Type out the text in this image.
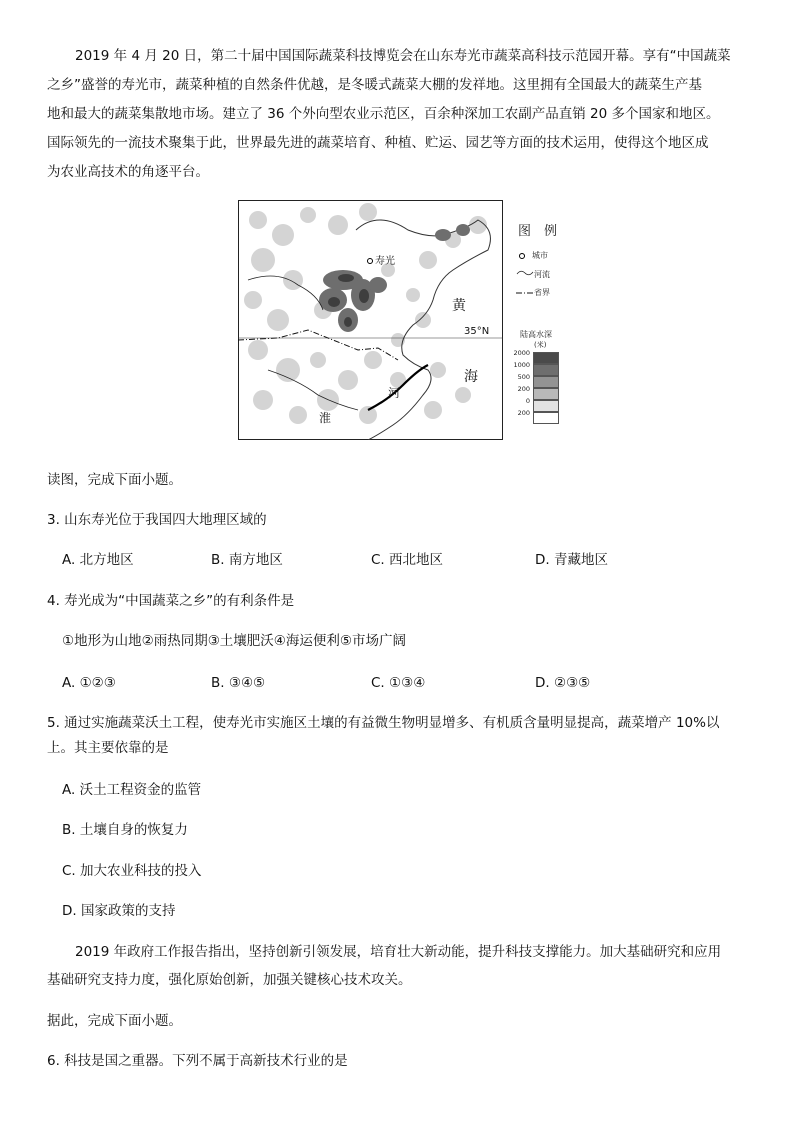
2019 年 4 月 20 日，第二十届中国国际蔬菜科技博览会在山东寿光市蔬菜高科技示范园开幕。享有“中国蔬菜
之乡”盛誉的寿光市，蔬菜种植的自然条件优越，是冬暖式蔬菜大棚的发祥地。这里拥有全国最大的蔬菜生产基
地和最大的蔬菜集散地市场。建立了 36 个外向型农业示范区，百余种深加工农副产品直销 20 多个国家和地区。
国际领先的一流技术聚集于此，世界最先进的蔬菜培育、种植、贮运、园艺等方面的技术运用，使得这个地区成
为农业高技术的角逐平台。
寿光
黄
海
35°N
淮
河
图　例
城市
河流
省界
陆高水深
(米)
2000
1000
500
200
0
200
读图，完成下面小题。
3. 山东寿光位于我国四大地理区域的
A. 北方地区	B. 南方地区	C. 西北地区	D. 青藏地区
4. 寿光成为“中国蔬菜之乡”的有利条件是
①地形为山地②雨热同期③土壤肥沃④海运便利⑤市场广阔
A. ①②③	B. ③④⑤	C. ①③④	D. ②③⑤
5. 通过实施蔬菜沃土工程，使寿光市实施区土壤的有益微生物明显增多、有机质含量明显提高，蔬菜增产 10%以
上。其主要依靠的是
A. 沃土工程资金的监管
B. 土壤自身的恢复力
C. 加大农业科技的投入
D. 国家政策的支持
2019 年政府工作报告指出，坚持创新引领发展，培育壮大新动能，提升科技支撑能力。加大基础研究和应用
基础研究支持力度，强化原始创新，加强关键核心技术攻关。
据此，完成下面小题。
6. 科技是国之重器。下列不属于高新技术行业的是
